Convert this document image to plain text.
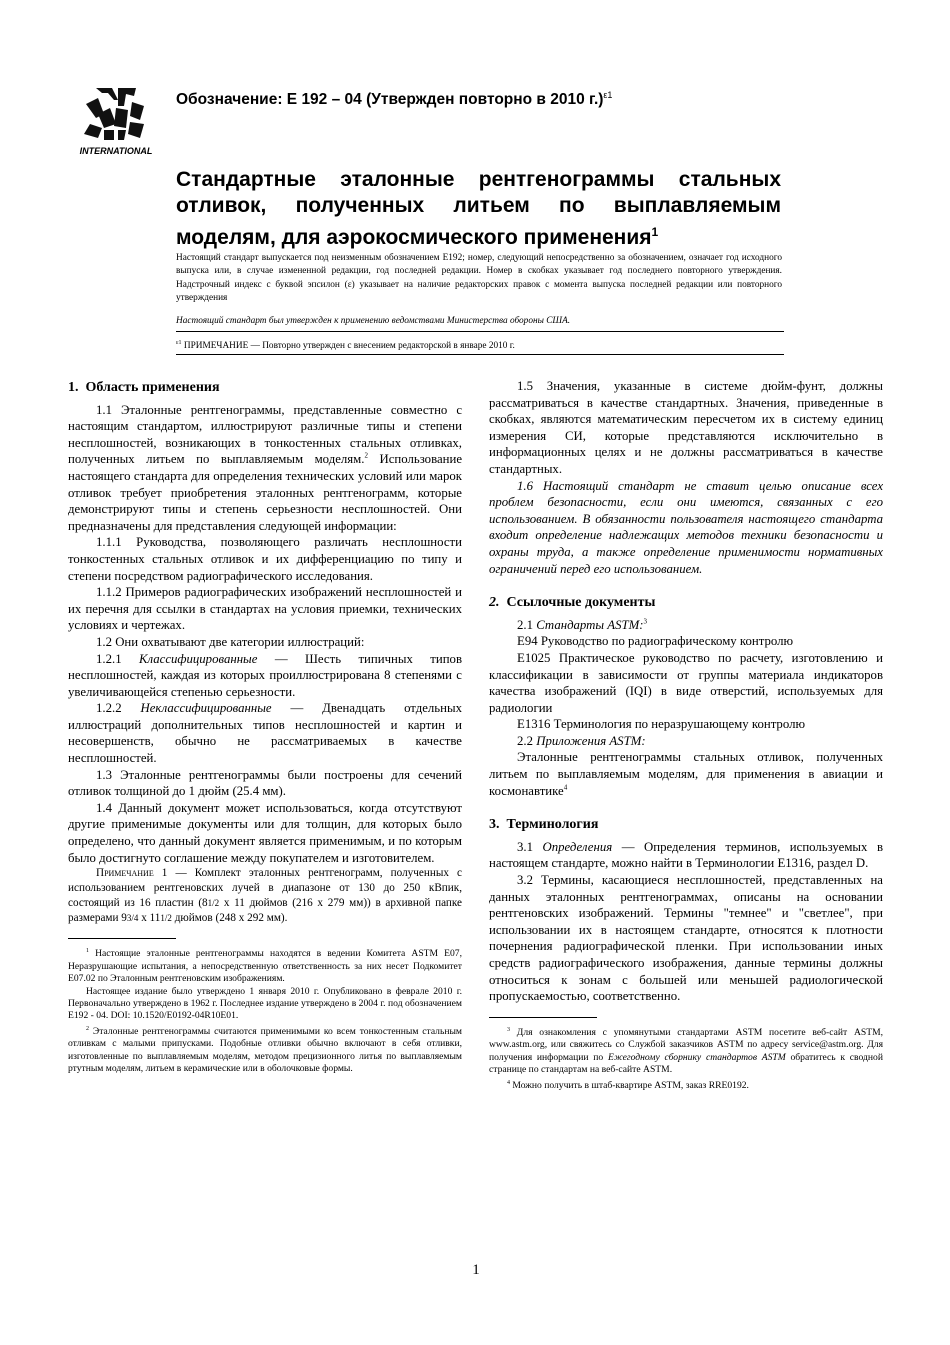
INTERNATIONAL
Обозначение: E 192 – 04 (Утвержден повторно в 2010 г.)$^{\varepsilon 1}$
Стандартные эталонные рентгенограммы стальных отливок, полученных литьем по выплавляемым моделям, для аэрокосмического применения$^1$
Настоящий стандарт выпускается под неизменным обозначением E192; номер, следующий непосредственно за обозначением, означает год исходного выпуска или, в случае измененной редакции, год последней редакции. Номер в скобках указывает год последнего повторного утверждения. Надстрочный индекс с буквой эпсилон (ε) указывает на наличие редакторских правок с момента выпуска последней редакции или повторного утверждения
Настоящий стандарт был утвержден к применению ведомствами Министерства обороны США.
$^{\varepsilon 1}$ ПРИМЕЧАНИЕ — Повторно утвержден с внесением редакторской в январе 2010 г.

1. Область применения

1.1 Эталонные рентгенограммы, представленные совместно с настоящим стандартом, иллюстрируют различные типы и степени несплошностей, возникающих в тонкостенных стальных отливках, полученных литьем по выплавляемым моделям.$^2$ Использование настоящего стандарта для определения технических условий или марок отливок требует приобретения эталонных рентгенограмм, которые демонстрируют типы и степень серьезности несплошностей. Они предназначены для представления следующей информации:

1.1.1 Руководства, позволяющего различать несплошности тонкостенных стальных отливок и их дифференциацию по типу и степени посредством радиографического исследования.

1.1.2 Примеров радиографических изображений несплошностей и их перечня для ссылки в стандартах на условия приемки, технических условиях и чертежах.

1.2 Они охватывают две категории иллюстраций:

1.2.1 Классифицированные — Шесть типичных типов несплошностей, каждая из которых проиллюстрирована 8 степенями с увеличивающейся степенью серьезности.

1.2.2 Неклассифицированные — Двенадцать отдельных иллюстраций дополнительных типов несплошностей и картин и несовершенств, обычно не рассматриваемых в качестве несплошностей.

1.3 Эталонные рентгенограммы были построены для сечений отливок толщиной до 1 дюйм (25.4 мм).

1.4 Данный документ может использоваться, когда отсутствуют другие применимые документы или для толщин, для которых было определено, что данный документ является применимым, и по которым было достигнуто соглашение между покупателем и изготовителем.

Примечание 1 — Комплект эталонных рентгенограмм, полученных с использованием рентгеновских лучей в диапазоне от 130 до 250 кВпик, состоящий из 16 пластин (81/2 x 11 дюймов (216 x 279 мм)) в архивной папке размерами 93/4 x 111/2 дюймов (248 x 292 мм).

$^1$ Настоящие эталонные рентгенограммы находятся в ведении Комитета ASTM E07, Неразрушающие испытания, а непосредственную ответственность за них несет Подкомитет E07.02 по Эталонным рентгеновским изображениям.

Настоящее издание было утверждено 1 января 2010 г. Опубликовано в феврале 2010 г. Первоначально утверждено в 1962 г. Последнее издание утверждено в 2004 г. под обозначением E192 - 04. DOI: 10.1520/E0192-04R10E01.

$^2$ Эталонные рентгенограммы считаются применимыми ко всем тонкостенным стальным отливкам с малыми припусками. Подобные отливки обычно включают в себя отливки, изготовленные по выплавляемым моделям, методом прецизионного литья по выплавляемым ртутным моделям, литьем в керамические или в оболочковые формы.

1.5 Значения, указанные в системе дюйм-фунт, должны рассматриваться в качестве стандартных. Значения, приведенные в скобках, являются математическим пересчетом их в систему единиц измерения СИ, которые представляются исключительно в информационных целях и не должны рассматриваться в качестве стандартных.

1.6 Настоящий стандарт не ставит целью описание всех проблем безопасности, если они имеются, связанных с его использованием. В обязанности пользователя настоящего стандарта входит определение надлежащих методов техники безопасности и охраны труда, а также определение применимости нормативных ограничений перед его использованием.

2. Ссылочные документы

2.1 Стандарты ASTM:$^3$

E94 Руководство по радиографическому контролю

E1025 Практическое руководство по расчету, изготовлению и классификации в зависимости от группы материала индикаторов качества изображений (IQI) в виде отверстий, используемых для радиологии

E1316 Терминология по неразрушающему контролю

2.2 Приложения ASTM:

Эталонные рентгенограммы стальных отливок, полученных литьем по выплавляемым моделям, для применения в авиации и космонавтике$^4$

3. Терминология

3.1 Определения — Определения терминов, используемых в настоящем стандарте, можно найти в Терминологии E1316, раздел D.

3.2 Термины, касающиеся несплошностей, представленных на данных эталонных рентгенограммах, описаны на основании рентгеновских изображений. Термины "темнее" и "светлее", при использовании их в настоящем стандарте, относятся к плотности почернения радиографической пленки. При использовании иных средств радиографического изображения, данные термины должны относиться к зонам с большей или меньшей радиологической пропускаемостью, соответственно.

$^3$ Для ознакомления с упомянутыми стандартами ASTM посетите веб-сайт ASTM, www.astm.org, или свяжитесь со Службой заказчиков ASTM по адресу service@astm.org. Для получения информации по Ежегодному сборнику стандартов ASTM обратитесь к сводной странице по стандартам на веб-сайте ASTM.

$^4$ Можно получить в штаб-квартире ASTM, заказ RRE0192.

1
